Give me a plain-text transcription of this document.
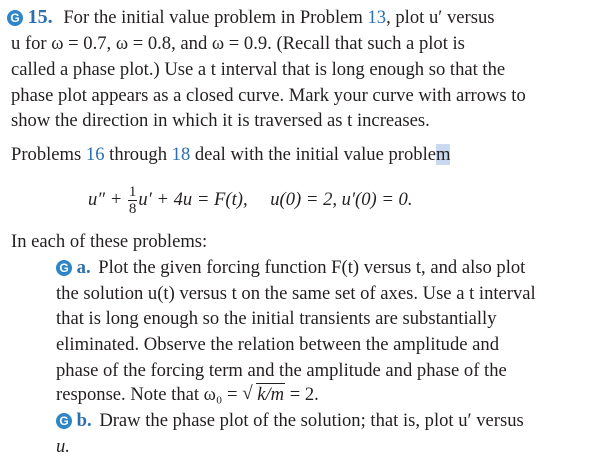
G 15. For the initial value problem in Problem 13, plot u′ versus
u for ω = 0.7, ω = 0.8, and ω = 0.9. (Recall that such a plot is
called a phase plot.) Use a t interval that is long enough so that the
phase plot appears as a closed curve. Mark your curve with arrows to
show the direction in which it is traversed as t increases.
Problems 16 through 18 deal with the initial value problem
$u'' + \frac{1}{8} u' + 4u = F(t)$, u(0) = 2, u′(0) = 0.
In each of these problems:
G a. Plot the given forcing function F(t) versus t, and also plot
the solution u(t) versus t on the same set of axes. Use a t interval
that is long enough so the initial transients are substantially
eliminated. Observe the relation between the amplitude and
phase of the forcing term and the amplitude and phase of the
response. Note that ω₀ = √ k/m = 2.
G b. Draw the phase plot of the solution; that is, plot u′ versus
u.
